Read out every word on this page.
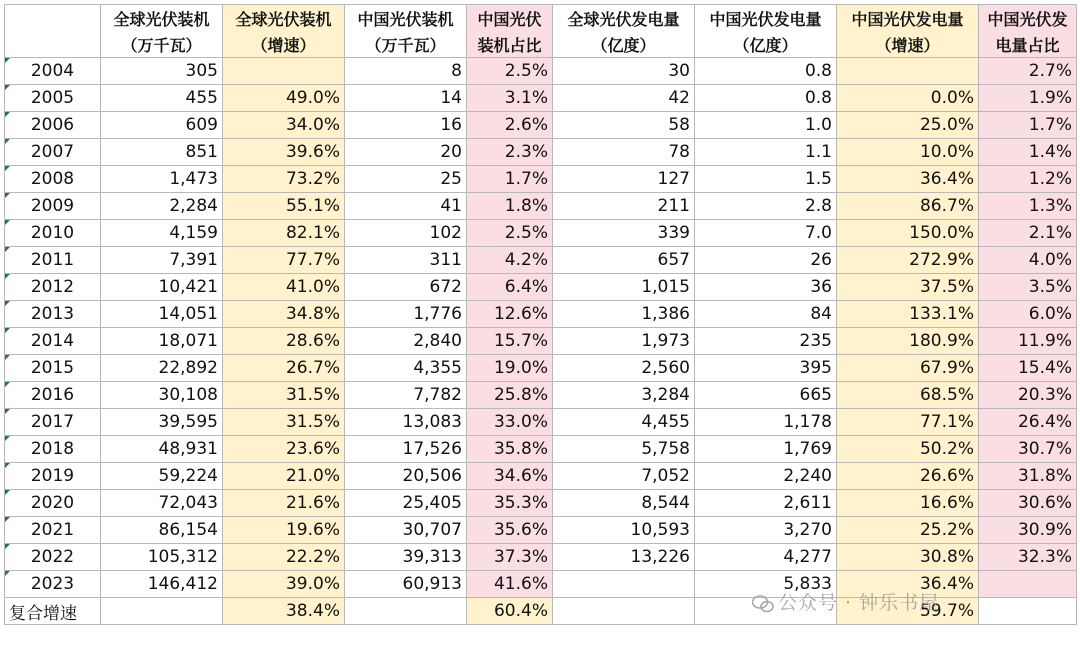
	全球光伏装机	全球光伏装机	中国光伏装机	中国光伏	全球光伏发电量	中国光伏发电量	中国光伏发电量	中国光伏发
	（万千瓦）	（增速）	（万千瓦）	装机占比	（亿度）	（亿度）	（增速）	电量占比
2004	305		8	2.5%	30	0.8		2.7%
2005	455	49.0%	14	3.1%	42	0.8	0.0%	1.9%
2006	609	34.0%	16	2.6%	58	1.0	25.0%	1.7%
2007	851	39.6%	20	2.3%	78	1.1	10.0%	1.4%
2008	1,473	73.2%	25	1.7%	127	1.5	36.4%	1.2%
2009	2,284	55.1%	41	1.8%	211	2.8	86.7%	1.3%
2010	4,159	82.1%	102	2.5%	339	7.0	150.0%	2.1%
2011	7,391	77.7%	311	4.2%	657	26	272.9%	4.0%
2012	10,421	41.0%	672	6.4%	1,015	36	37.5%	3.5%
2013	14,051	34.8%	1,776	12.6%	1,386	84	133.1%	6.0%
2014	18,071	28.6%	2,840	15.7%	1,973	235	180.9%	11.9%
2015	22,892	26.7%	4,355	19.0%	2,560	395	67.9%	15.4%
2016	30,108	31.5%	7,782	25.8%	3,284	665	68.5%	20.3%
2017	39,595	31.5%	13,083	33.0%	4,455	1,178	77.1%	26.4%
2018	48,931	23.6%	17,526	35.8%	5,758	1,769	50.2%	30.7%
2019	59,224	21.0%	20,506	34.6%	7,052	2,240	26.6%	31.8%
2020	72,043	21.6%	25,405	35.3%	8,544	2,611	16.6%	30.6%
2021	86,154	19.6%	30,707	35.6%	10,593	3,270	25.2%	30.9%
2022	105,312	22.2%	39,313	37.3%	13,226	4,277	30.8%	32.3%
2023	146,412	39.0%	60,913	41.6%		5,833	36.4%	
复合增速		38.4%		60.4%			59.7%	
公众号 · 钟乐书屋
